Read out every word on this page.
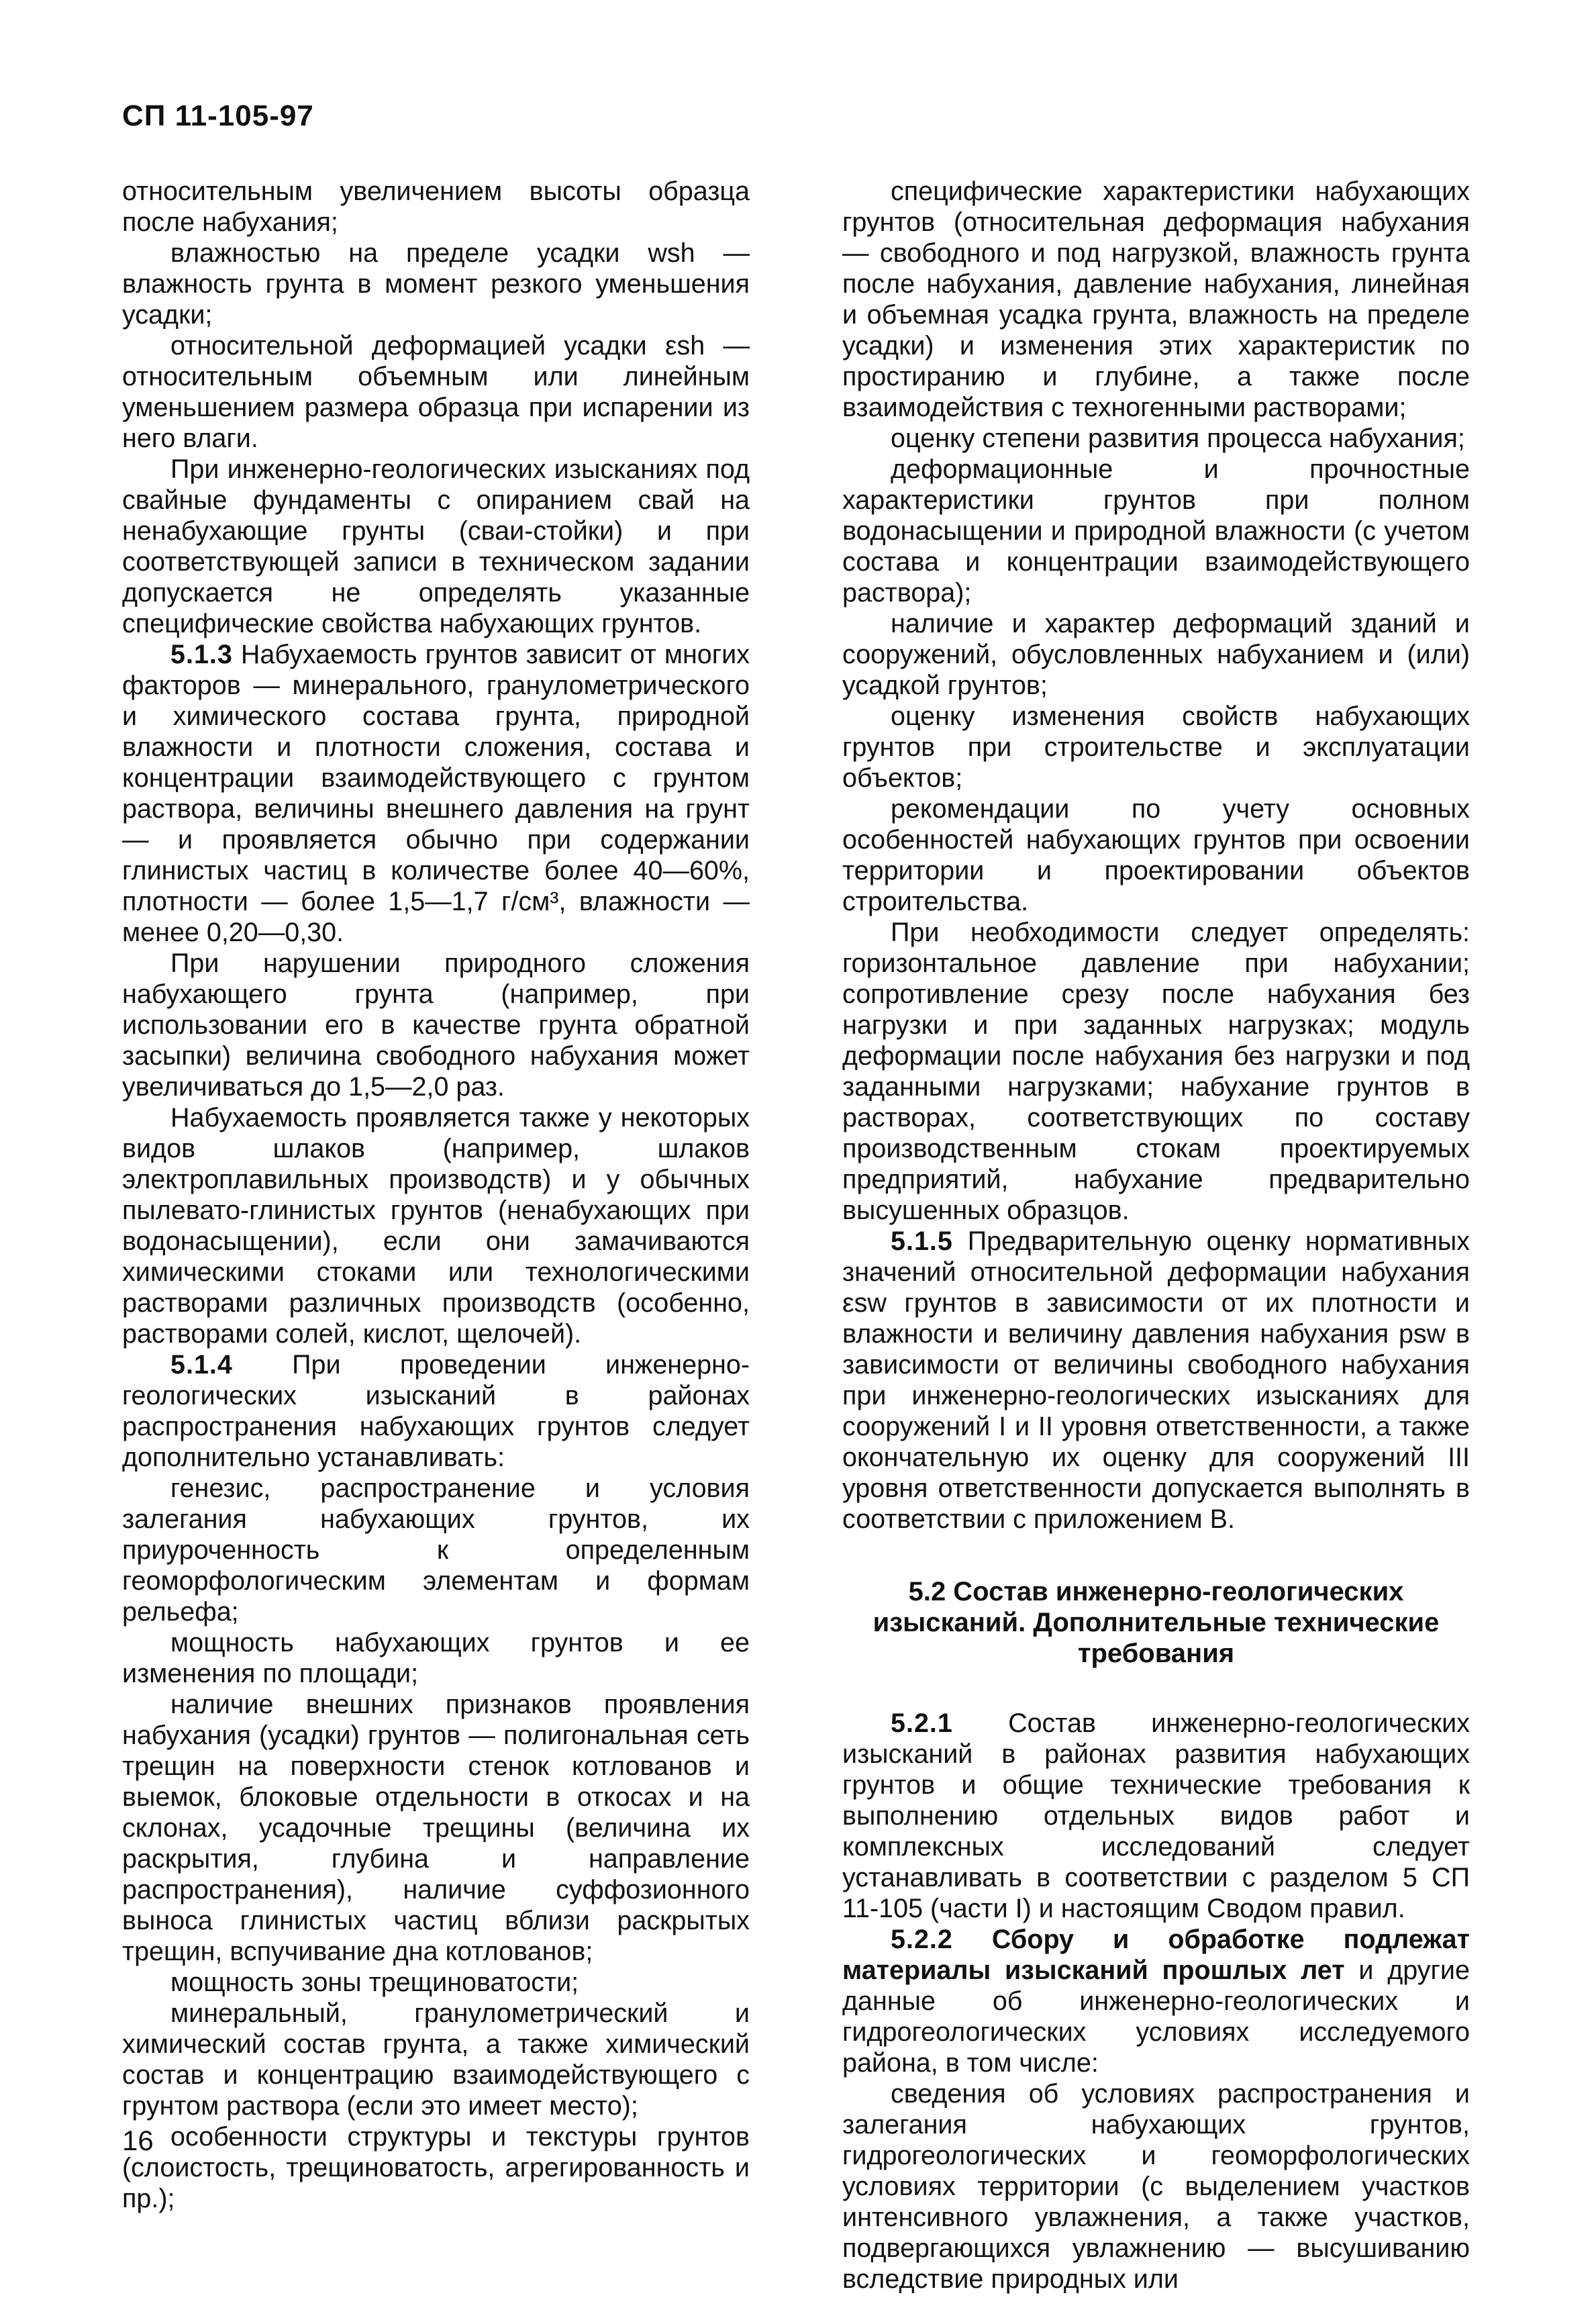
СП 11-105-97

относительным увеличением высоты образца после набухания;

влажностью на пределе усадки wsh — влажность грунта в момент резкого уменьшения усадки;

относительной деформацией усадки εsh — относительным объемным или линейным уменьшением размера образца при испарении из него влаги.

При инженерно-геологических изысканиях под свайные фундаменты с опиранием свай на ненабухающие грунты (сваи-стойки) и при соответствующей записи в техническом задании допускается не определять указанные специфические свойства набухающих грунтов.

5.1.3 Набухаемость грунтов зависит от многих факторов — минерального, гранулометрического и химического состава грунта, природной влажности и плотности сложения, состава и концентрации взаимодействующего с грунтом раствора, величины внешнего давления на грунт — и проявляется обычно при содержании глинистых частиц в количестве более 40—60%, плотности — более 1,5—1,7 г/см³, влажности — менее 0,20—0,30.

При нарушении природного сложения набухающего грунта (например, при использовании его в качестве грунта обратной засыпки) величина свободного набухания может увеличиваться до 1,5—2,0 раз.

Набухаемость проявляется также у некоторых видов шлаков (например, шлаков электроплавильных производств) и у обычных пылевато-глинистых грунтов (ненабухающих при водонасыщении), если они замачиваются химическими стоками или технологическими растворами различных производств (особенно, растворами солей, кислот, щелочей).

5.1.4 При проведении инженерно-геологических изысканий в районах распространения набухающих грунтов следует дополнительно устанавливать:

генезис, распространение и условия залегания набухающих грунтов, их приуроченность к определенным геоморфологическим элементам и формам рельефа;

мощность набухающих грунтов и ее изменения по площади;

наличие внешних признаков проявления набухания (усадки) грунтов — полигональная сеть трещин на поверхности стенок котлованов и выемок, блоковые отдельности в откосах и на склонах, усадочные трещины (величина их раскрытия, глубина и направление распространения), наличие суффозионного выноса глинистых частиц вблизи раскрытых трещин, вспучивание дна котлованов;

мощность зоны трещиноватости;

минеральный, гранулометрический и химический состав грунта, а также химический состав и концентрацию взаимодействующего с грунтом раствора (если это имеет место);

особенности структуры и текстуры грунтов (слоистость, трещиноватость, агрегированность и пр.);

специфические характеристики набухающих грунтов (относительная деформация набухания — свободного и под нагрузкой, влажность грунта после набухания, давление набухания, линейная и объемная усадка грунта, влажность на пределе усадки) и изменения этих характеристик по простиранию и глубине, а также после взаимодействия с техногенными растворами;

оценку степени развития процесса набухания;

деформационные и прочностные характеристики грунтов при полном водонасыщении и природной влажности (с учетом состава и концентрации взаимодействующего раствора);

наличие и характер деформаций зданий и сооружений, обусловленных набуханием и (или) усадкой грунтов;

оценку изменения свойств набухающих грунтов при строительстве и эксплуатации объектов;

рекомендации по учету основных особенностей набухающих грунтов при освоении территории и проектировании объектов строительства.

При необходимости следует определять: горизонтальное давление при набухании; сопротивление срезу после набухания без нагрузки и при заданных нагрузках; модуль деформации после набухания без нагрузки и под заданными нагрузками; набухание грунтов в растворах, соответствующих по составу производственным стокам проектируемых предприятий, набухание предварительно высушенных образцов.

5.1.5 Предварительную оценку нормативных значений относительной деформации набухания εsw грунтов в зависимости от их плотности и влажности и величину давления набухания psw в зависимости от величины свободного набухания при инженерно-геологических изысканиях для сооружений I и II уровня ответственности, а также окончательную их оценку для сооружений III уровня ответственности допускается выполнять в соответствии с приложением В.

5.2 Состав инженерно-геологических изысканий. Дополнительные технические требования

5.2.1 Состав инженерно-геологических изысканий в районах развития набухающих грунтов и общие технические требования к выполнению отдельных видов работ и комплексных исследований следует устанавливать в соответствии с разделом 5 СП 11-105 (части I) и настоящим Сводом правил.

5.2.2 Сбору и обработке подлежат материалы изысканий прошлых лет и другие данные об инженерно-геологических и гидрогеологических условиях исследуемого района, в том числе:

сведения об условиях распространения и залегания набухающих грунтов, гидрогеологических и геоморфологических условиях территории (с выделением участков интенсивного увлажнения, а также участков, подвергающихся увлажнению — высушиванию вследствие природных или

16
